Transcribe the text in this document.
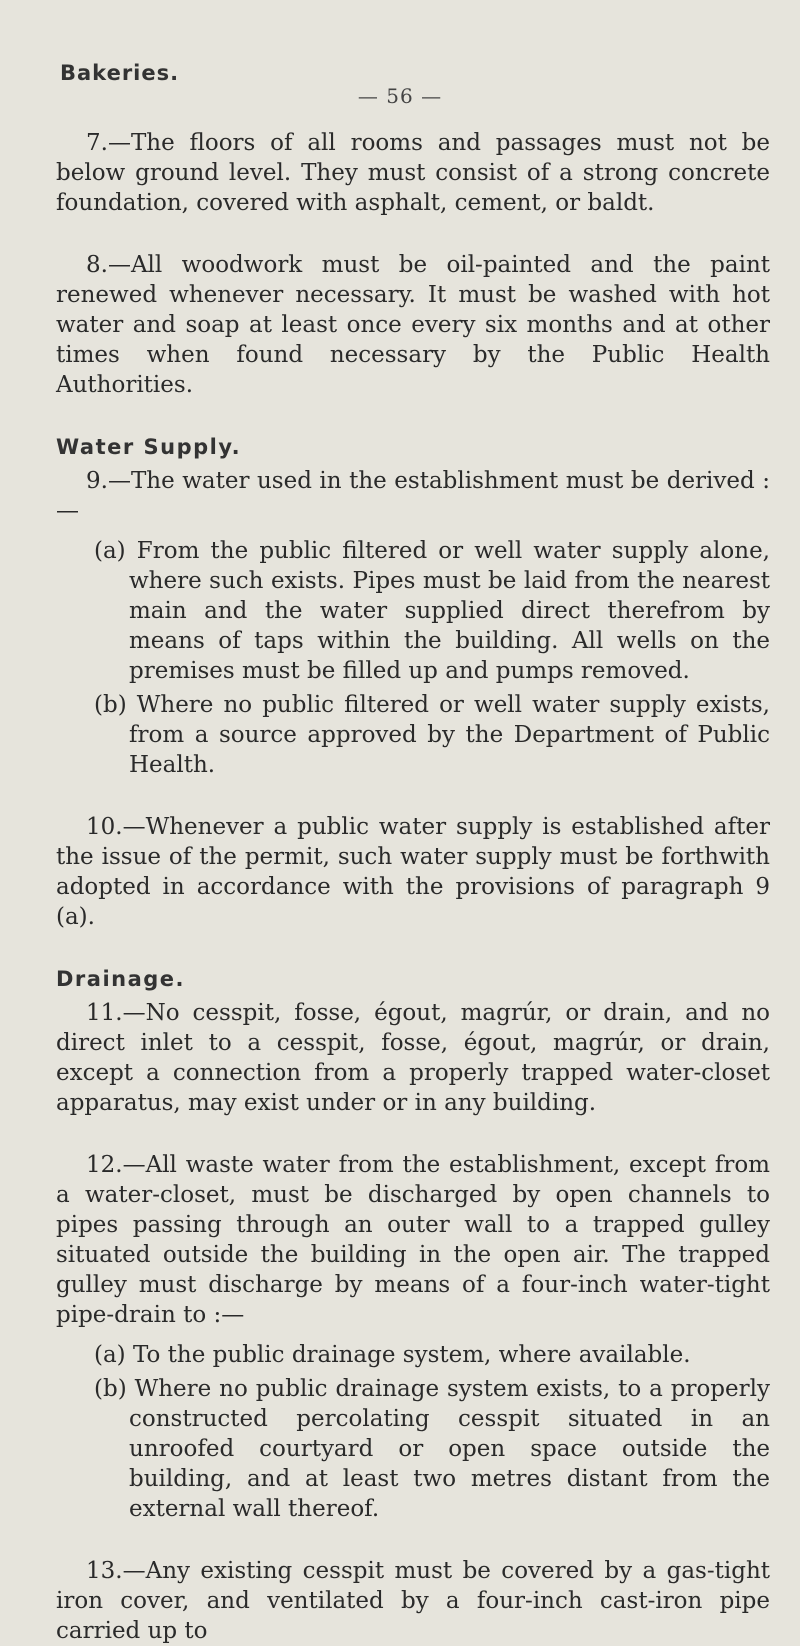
Bakeries.
— 56 —

7.—The floors of all rooms and passages must not be below ground level. They must consist of a strong concrete foundation, covered with asphalt, cement, or baldt.

8.—All woodwork must be oil-painted and the paint renewed whenever necessary. It must be washed with hot water and soap at least once every six months and at other times when found necessary by the Public Health Authorities.

Water Supply.

9.—The water used in the establishment must be derived :—

(a) From the public filtered or well water supply alone, where such exists. Pipes must be laid from the nearest main and the water supplied direct therefrom by means of taps within the building. All wells on the premises must be filled up and pumps removed.

(b) Where no public filtered or well water supply exists, from a source approved by the Department of Public Health.

10.—Whenever a public water supply is established after the issue of the permit, such water supply must be forthwith adopted in accordance with the provisions of paragraph 9 (a).

Drainage.

11.—No cesspit, fosse, égout, magrúr, or drain, and no direct inlet to a cesspit, fosse, égout, magrúr, or drain, except a connection from a properly trapped water-closet apparatus, may exist under or in any building.

12.—All waste water from the establishment, except from a water-closet, must be discharged by open channels to pipes passing through an outer wall to a trapped gulley situated outside the building in the open air. The trapped gulley must discharge by means of a four-inch water-tight pipe-drain to :—

(a) To the public drainage system, where available.

(b) Where no public drainage system exists, to a properly constructed percolating cesspit situated in an unroofed courtyard or open space outside the building, and at least two metres distant from the external wall thereof.

13.—Any existing cesspit must be covered by a gas-tight iron cover, and ventilated by a four-inch cast-iron pipe carried up to
